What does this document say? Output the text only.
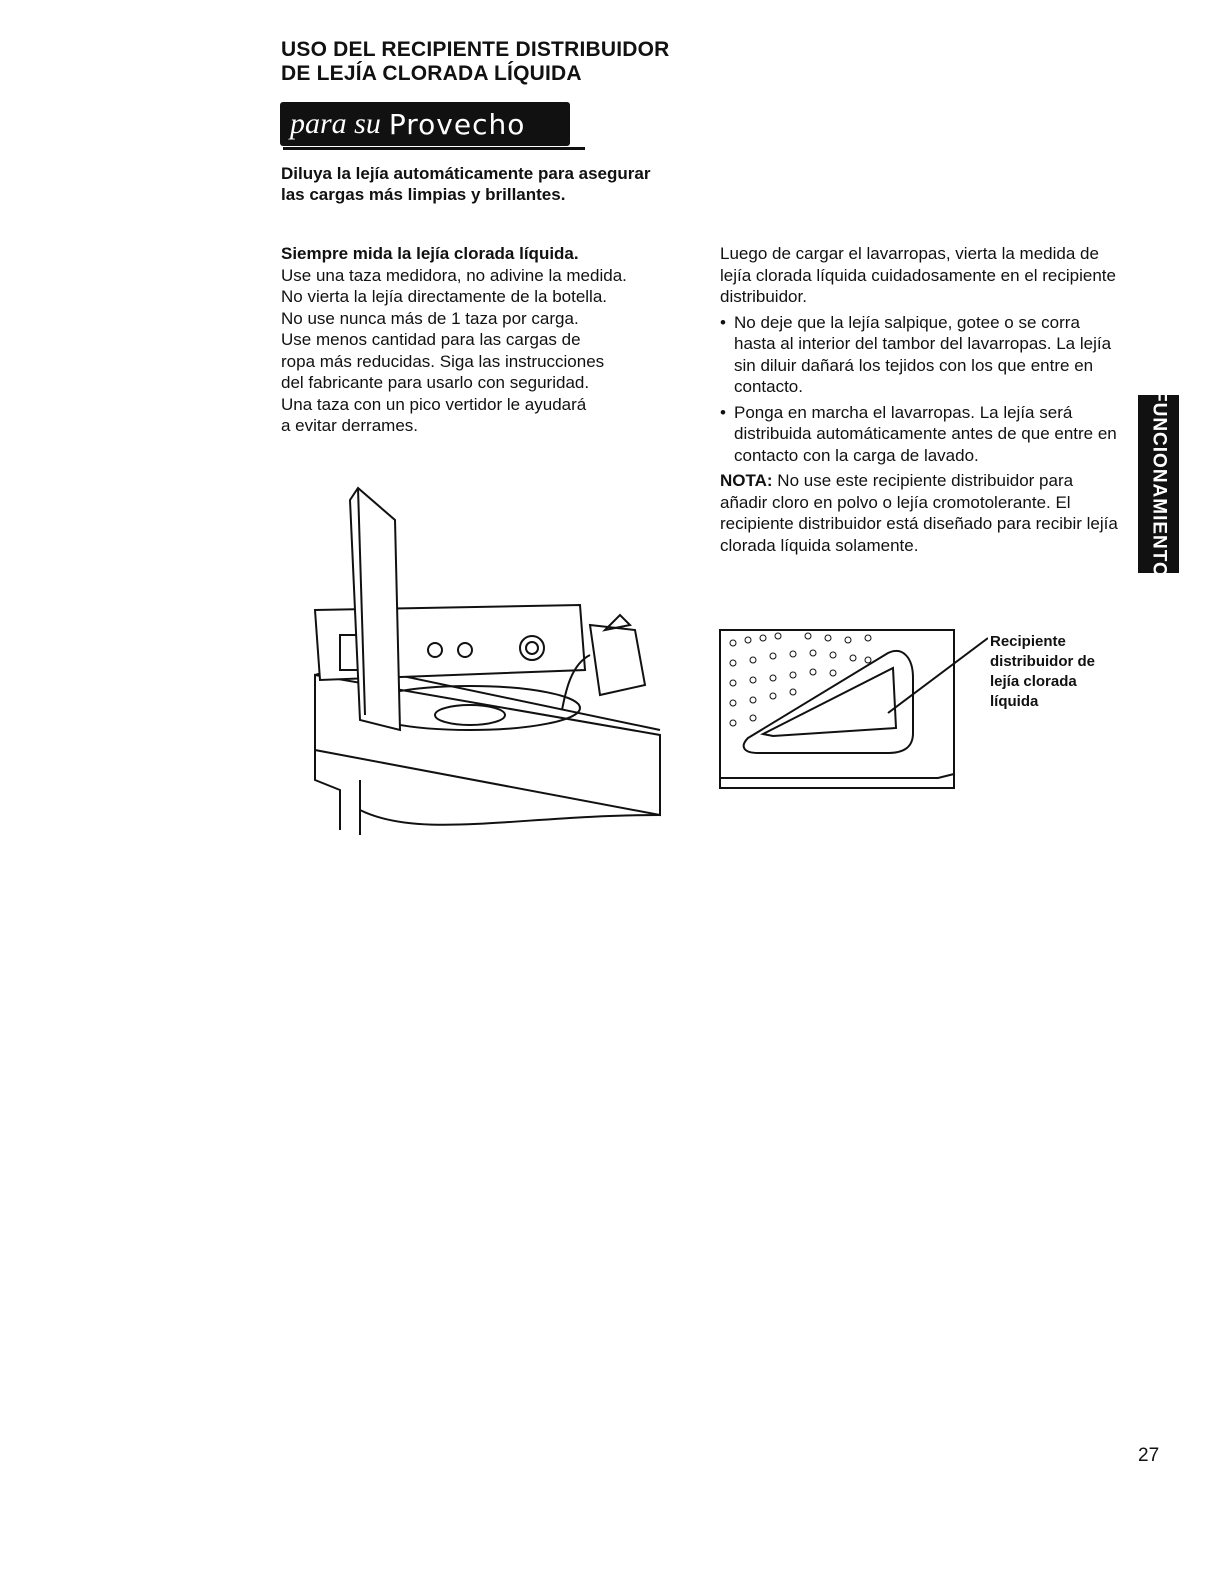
USO DEL RECIPIENTE DISTRIBUIDOR
DE LEJÍA CLORADA LÍQUIDA
para su Provecho
Diluya la lejía automáticamente para asegurar las cargas más limpias y brillantes.
Siempre mida la lejía clorada líquida.
Use una taza medidora, no adivine la medida.
No vierta la lejía directamente de la botella.
No use nunca más de 1 taza por carga.
Use menos cantidad para las cargas de
ropa más reducidas. Siga las instrucciones
del fabricante para usarlo con seguridad.
Una taza con un pico vertidor le ayudará
a evitar derrames.

Luego de cargar el lavarropas, vierta la medida de lejía clorada líquida cuidadosamente en el recipiente distribuidor.

• No deje que la lejía salpique, gotee o se corra hasta al interior del tambor del lavarropas. La lejía sin diluir dañará los tejidos con los que entre en contacto.
• Ponga en marcha el lavarropas. La lejía será distribuida automáticamente antes de que entre en contacto con la carga de lavado.
NOTA: No use este recipiente distribuidor para añadir cloro en polvo o lejía cromotolerante. El recipiente distribuidor está diseñado para recibir lejía clorada líquida solamente.	FUNCIONAMIENTO
Recipiente
distribuidor de
lejía clorada
líquida
27
